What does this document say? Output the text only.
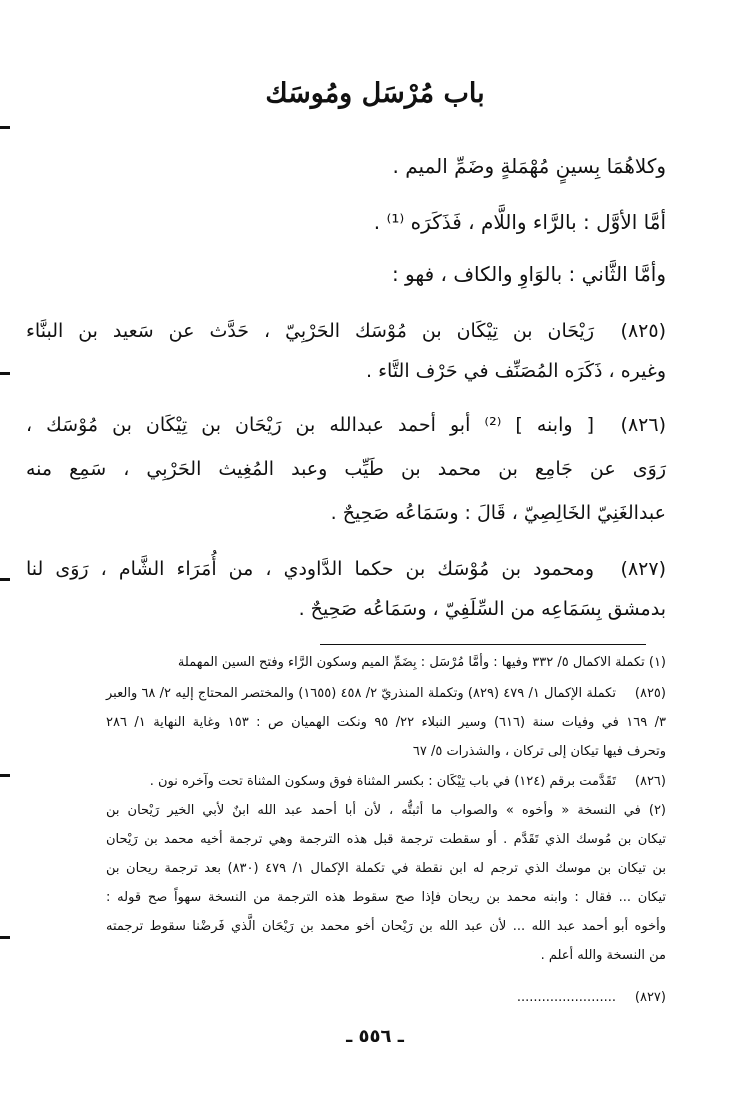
باب مُرْسَل ومُوسَك
وكلاهُمَا بِسينٍ مُهْمَلةٍ وضَمِّ الميم .
أمَّا الأوَّل : بالرَّاء واللَّام ، فَذَكَرَه ⁽¹⁾ .
وأمَّا الثَّاني : بالوَاوِ والكاف ، فهو :
(٨٢٥)
رَيْحَان بن تِيْكَان بن مُوْسَك الحَرْبِيّ ، حَدَّث عن سَعيد بن البنَّاء
وغيره ، ذَكَرَه المُصَنِّف في حَرْف التَّاء .
(٨٢٦)
[ وابنه ] ⁽²⁾ أبو أحمد عبدالله بن رَيْحَان بن تِيْكَان بن مُوْسَك ،
رَوَى عن جَامِع بن محمد بن طَيِّب وعبد المُغِيث الحَرْبِي ، سَمِع منه
عبدالغَنِيّ الخَالِصِيّ ، قَالَ : وسَمَاعُه صَحِيحٌ .
(٨٢٧)
ومحمود بن مُوْسَك بن حكما الدَّاودي ، من أُمَرَاء الشَّام ، رَوَى لنا
بدمشق بِسَمَاعِه من السِّلَفِيّ ، وسَمَاعُه صَحِيحٌ .
(١) تكملة الاكمال ٥/ ٣٣٢ وفيها : وأمَّا مُرْسَل : بِضَمِّ الميم وسكون الرَّاء وفتح السين المهملة
(٨٢٥)
تكملة الإكمال ١/ ٤٧٩ (٨٢٩) وتكملة المنذريّ ٢/ ٤٥٨ (١٦٥٥) والمختصر المحتاج إليه ٢/ ٦٨ والعبر
٣/ ١٦٩ في وفيات سنة (٦١٦) وسير النبلاء ٢٢/ ٩٥ ونكت الهميان ص : ١٥٣ وغاية النهاية ١/ ٢٨٦
وتحرف فيها تيكان إلى تركان ، والشذرات ٥/ ٦٧
(٨٢٦)
تَقَدَّمت برقم (١٢٤) في باب تِيْكَان : بكسر المثناة فوق وسكون المثناة تحت وآخره نون .
(٢) في النسخة « وأخوه » والصواب ما أثبتُّه ، لأن أبا أحمد عبد الله ابنٌ لأبي الخير رَيْحان بن
تيكان بن مُوسك الذي تَقَدَّم . أو سقطت ترجمة قبل هذه الترجمة وهي ترجمة أخيه محمد بن رَيْحان
بن تيكان بن موسك الذي ترجم له ابن نقطة في تكملة الإكمال ١/ ٤٧٩ (٨٣٠) بعد ترجمة ريحان بن
تيكان ... فقال : وابنه محمد بن ريحان فإذا صح سقوط هذه الترجمة من النسخة سهواً صح قوله :
وأخوه أبو أحمد عبد الله ... لأن عبد الله بن رَيْحان أخو محمد بن رَيْحَان الَّذي فَرضْنا سقوط ترجمته
من النسخة والله أعلم .
(٨٢٧)
........................
ـ ٥٥٦ ـ
